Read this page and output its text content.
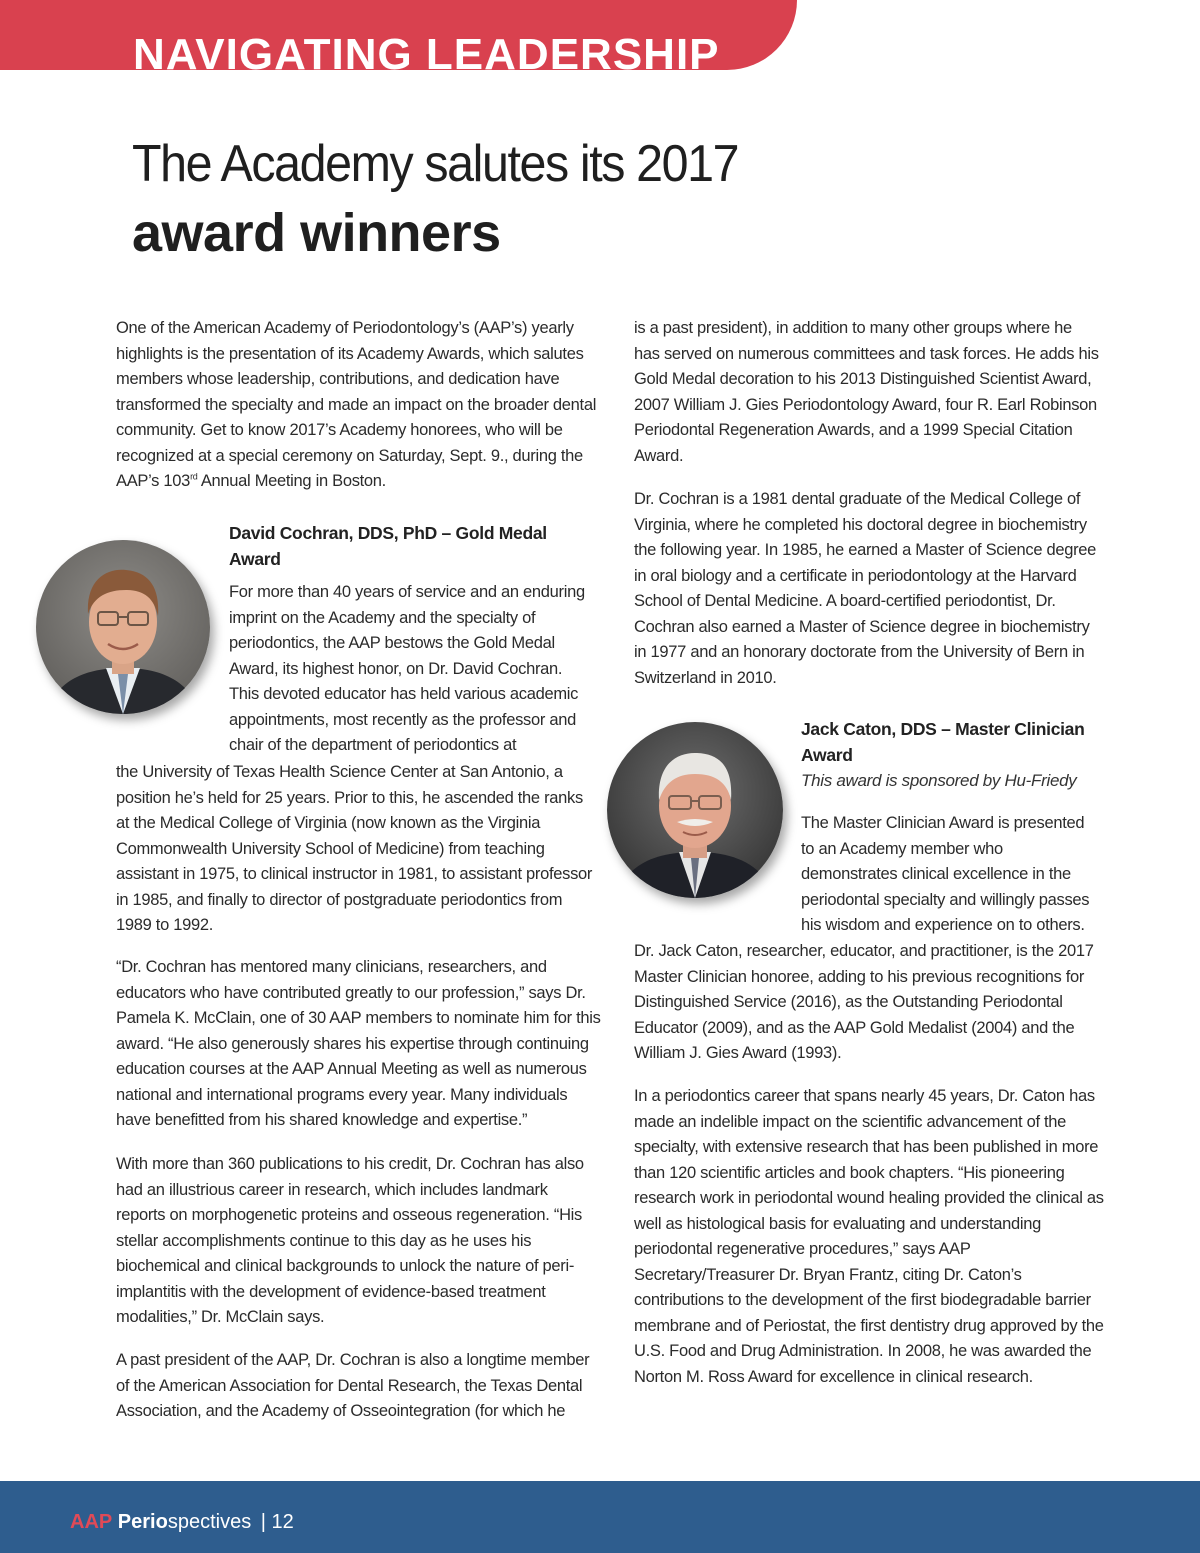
NAVIGATING LEADERSHIP
The Academy salutes its 2017
award winners
One of the American Academy of Periodontology’s (AAP’s) yearly highlights is the presentation of its Academy Awards, which salutes members whose leadership, contributions, and dedication have transformed the specialty and made an impact on the broader dental community. Get to know 2017’s Academy honorees, who will be recognized at a special ceremony on Saturday, Sept. 9., during the AAP’s 103rd Annual Meeting in Boston.
David Cochran, DDS, PhD – Gold Medal
Award
For more than 40 years of service and an enduring imprint on the Academy and the specialty of periodontics, the AAP bestows the Gold Medal Award, its highest honor, on Dr. David Cochran. This devoted educator has held various academic appointments, most recently as the professor and chair of the department of periodontics at
the University of Texas Health Science Center at San Antonio, a position he’s held for 25 years. Prior to this, he ascended the ranks at the Medical College of Virginia (now known as the Virginia Commonwealth University School of Medicine) from teaching assistant in 1975, to clinical instructor in 1981, to assistant professor in 1985, and finally to director of postgraduate periodontics from 1989 to 1992.
“Dr. Cochran has mentored many clinicians, researchers, and educators who have contributed greatly to our profession,” says Dr. Pamela K. McClain, one of 30 AAP members to nominate him for this award. “He also generously shares his expertise through continuing education courses at the AAP Annual Meeting as well as numerous national and international programs every year. Many individuals have benefitted from his shared knowledge and expertise.”
With more than 360 publications to his credit, Dr. Cochran has also had an illustrious career in research, which includes landmark reports on morphogenetic proteins and osseous regeneration. “His stellar accomplishments continue to this day as he uses his biochemical and clinical backgrounds to unlock the nature of peri-implantitis with the development of evidence-based treatment modalities,” Dr. McClain says.
A past president of the AAP, Dr. Cochran is also a longtime member of the American Association for Dental Research, the Texas Dental Association, and the Academy of Osseointegration (for which he
is a past president), in addition to many other groups where he has served on numerous committees and task forces. He adds his Gold Medal decoration to his 2013 Distinguished Scientist Award, 2007 William J. Gies Periodontology Award, four R. Earl Robinson Periodontal Regeneration Awards, and a 1999 Special Citation Award.
Dr. Cochran is a 1981 dental graduate of the Medical College of Virginia, where he completed his doctoral degree in biochemistry the following year. In 1985, he earned a Master of Science degree in oral biology and a certificate in periodontology at the Harvard School of Dental Medicine. A board-certified periodontist, Dr. Cochran also earned a Master of Science degree in biochemistry in 1977 and an honorary doctorate from the University of Bern in Switzerland in 2010.
Jack Caton, DDS – Master Clinician
Award
This award is sponsored by Hu-Friedy
The Master Clinician Award is presented to an Academy member who demonstrates clinical excellence in the periodontal specialty and willingly passes his wisdom and experience on to others.
Dr. Jack Caton, researcher, educator, and practitioner, is the 2017 Master Clinician honoree, adding to his previous recognitions for Distinguished Service (2016), as the Outstanding Periodontal Educator (2009), and as the AAP Gold Medalist (2004) and the William J. Gies Award (1993).
In a periodontics career that spans nearly 45 years, Dr. Caton has made an indelible impact on the scientific advancement of the specialty, with extensive research that has been published in more than 120 scientific articles and book chapters. “His pioneering research work in periodontal wound healing provided the clinical as well as histological basis for evaluating and understanding periodontal regenerative procedures,” says AAP Secretary/Treasurer Dr. Bryan Frantz, citing Dr. Caton’s contributions to the development of the first biodegradable barrier membrane and of Periostat, the first dentistry drug approved by the U.S. Food and Drug Administration. In 2008, he was awarded the Norton M. Ross Award for excellence in clinical research.
AAP Periospectives | 12
